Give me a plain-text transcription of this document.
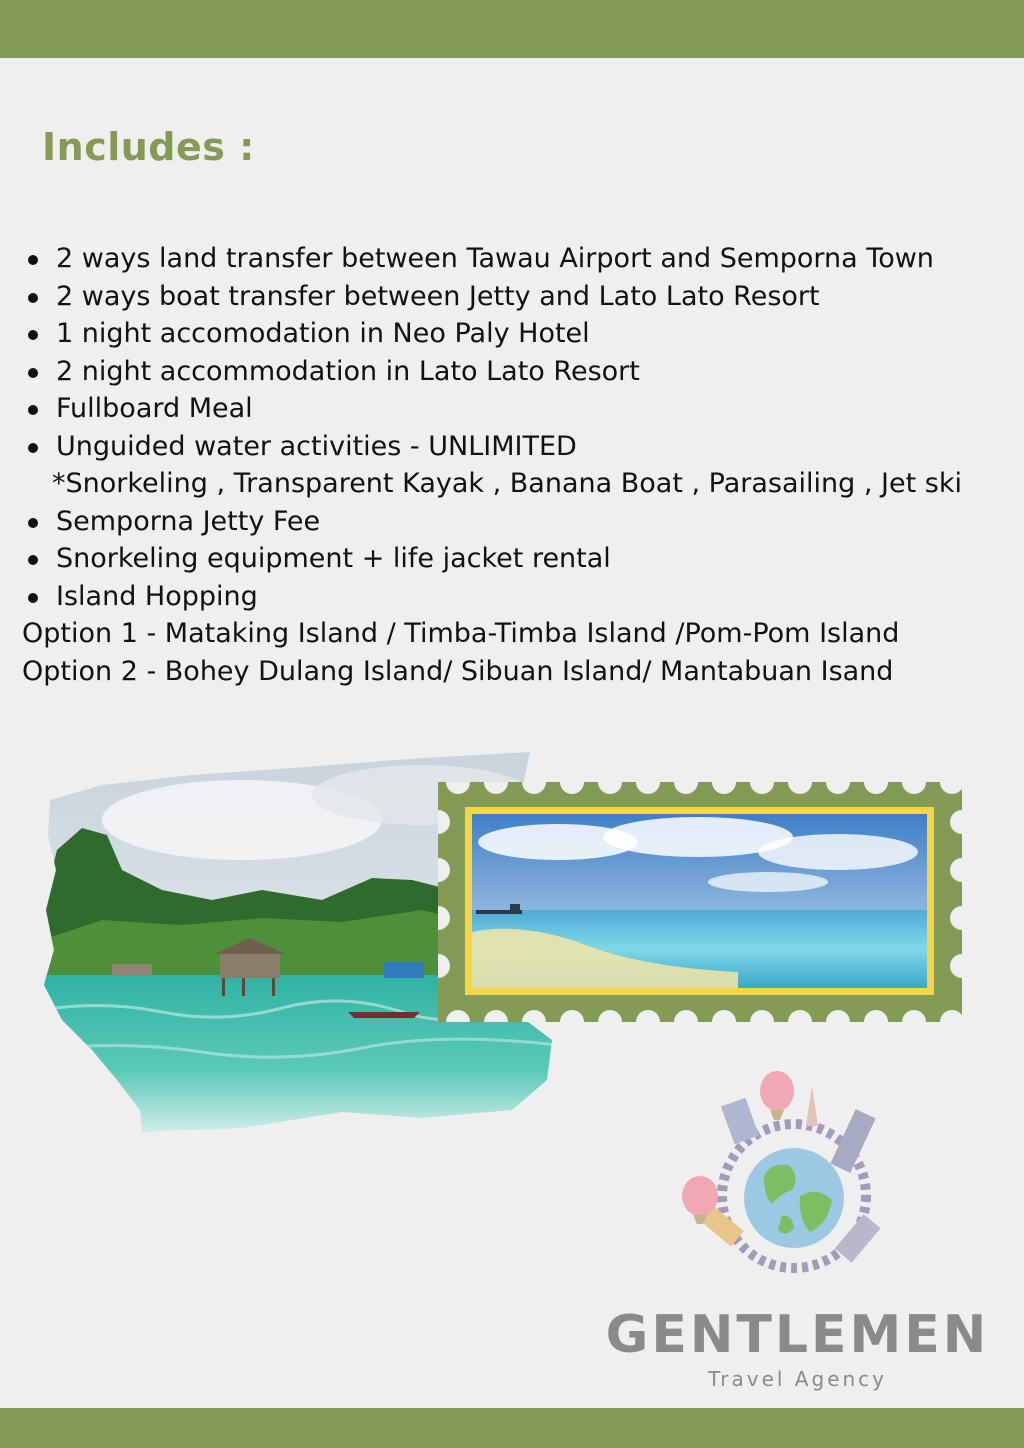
Includes :
2 ways land transfer between Tawau Airport and Semporna Town
2 ways boat transfer between Jetty and Lato Lato Resort
1 night accomodation in Neo Paly Hotel
2 night accommodation in Lato Lato Resort
Fullboard Meal
Unguided water activities - UNLIMITED
*Snorkeling , Transparent Kayak , Banana Boat , Parasailing , Jet ski
Semporna Jetty Fee
Snorkeling equipment + life jacket rental
Island Hopping
Option 1 - Mataking Island / Timba-Timba Island /Pom-Pom Island
Option 2 - Bohey Dulang Island/ Sibuan Island/ Mantabuan Isand
GENTLEMEN
Travel Agency
